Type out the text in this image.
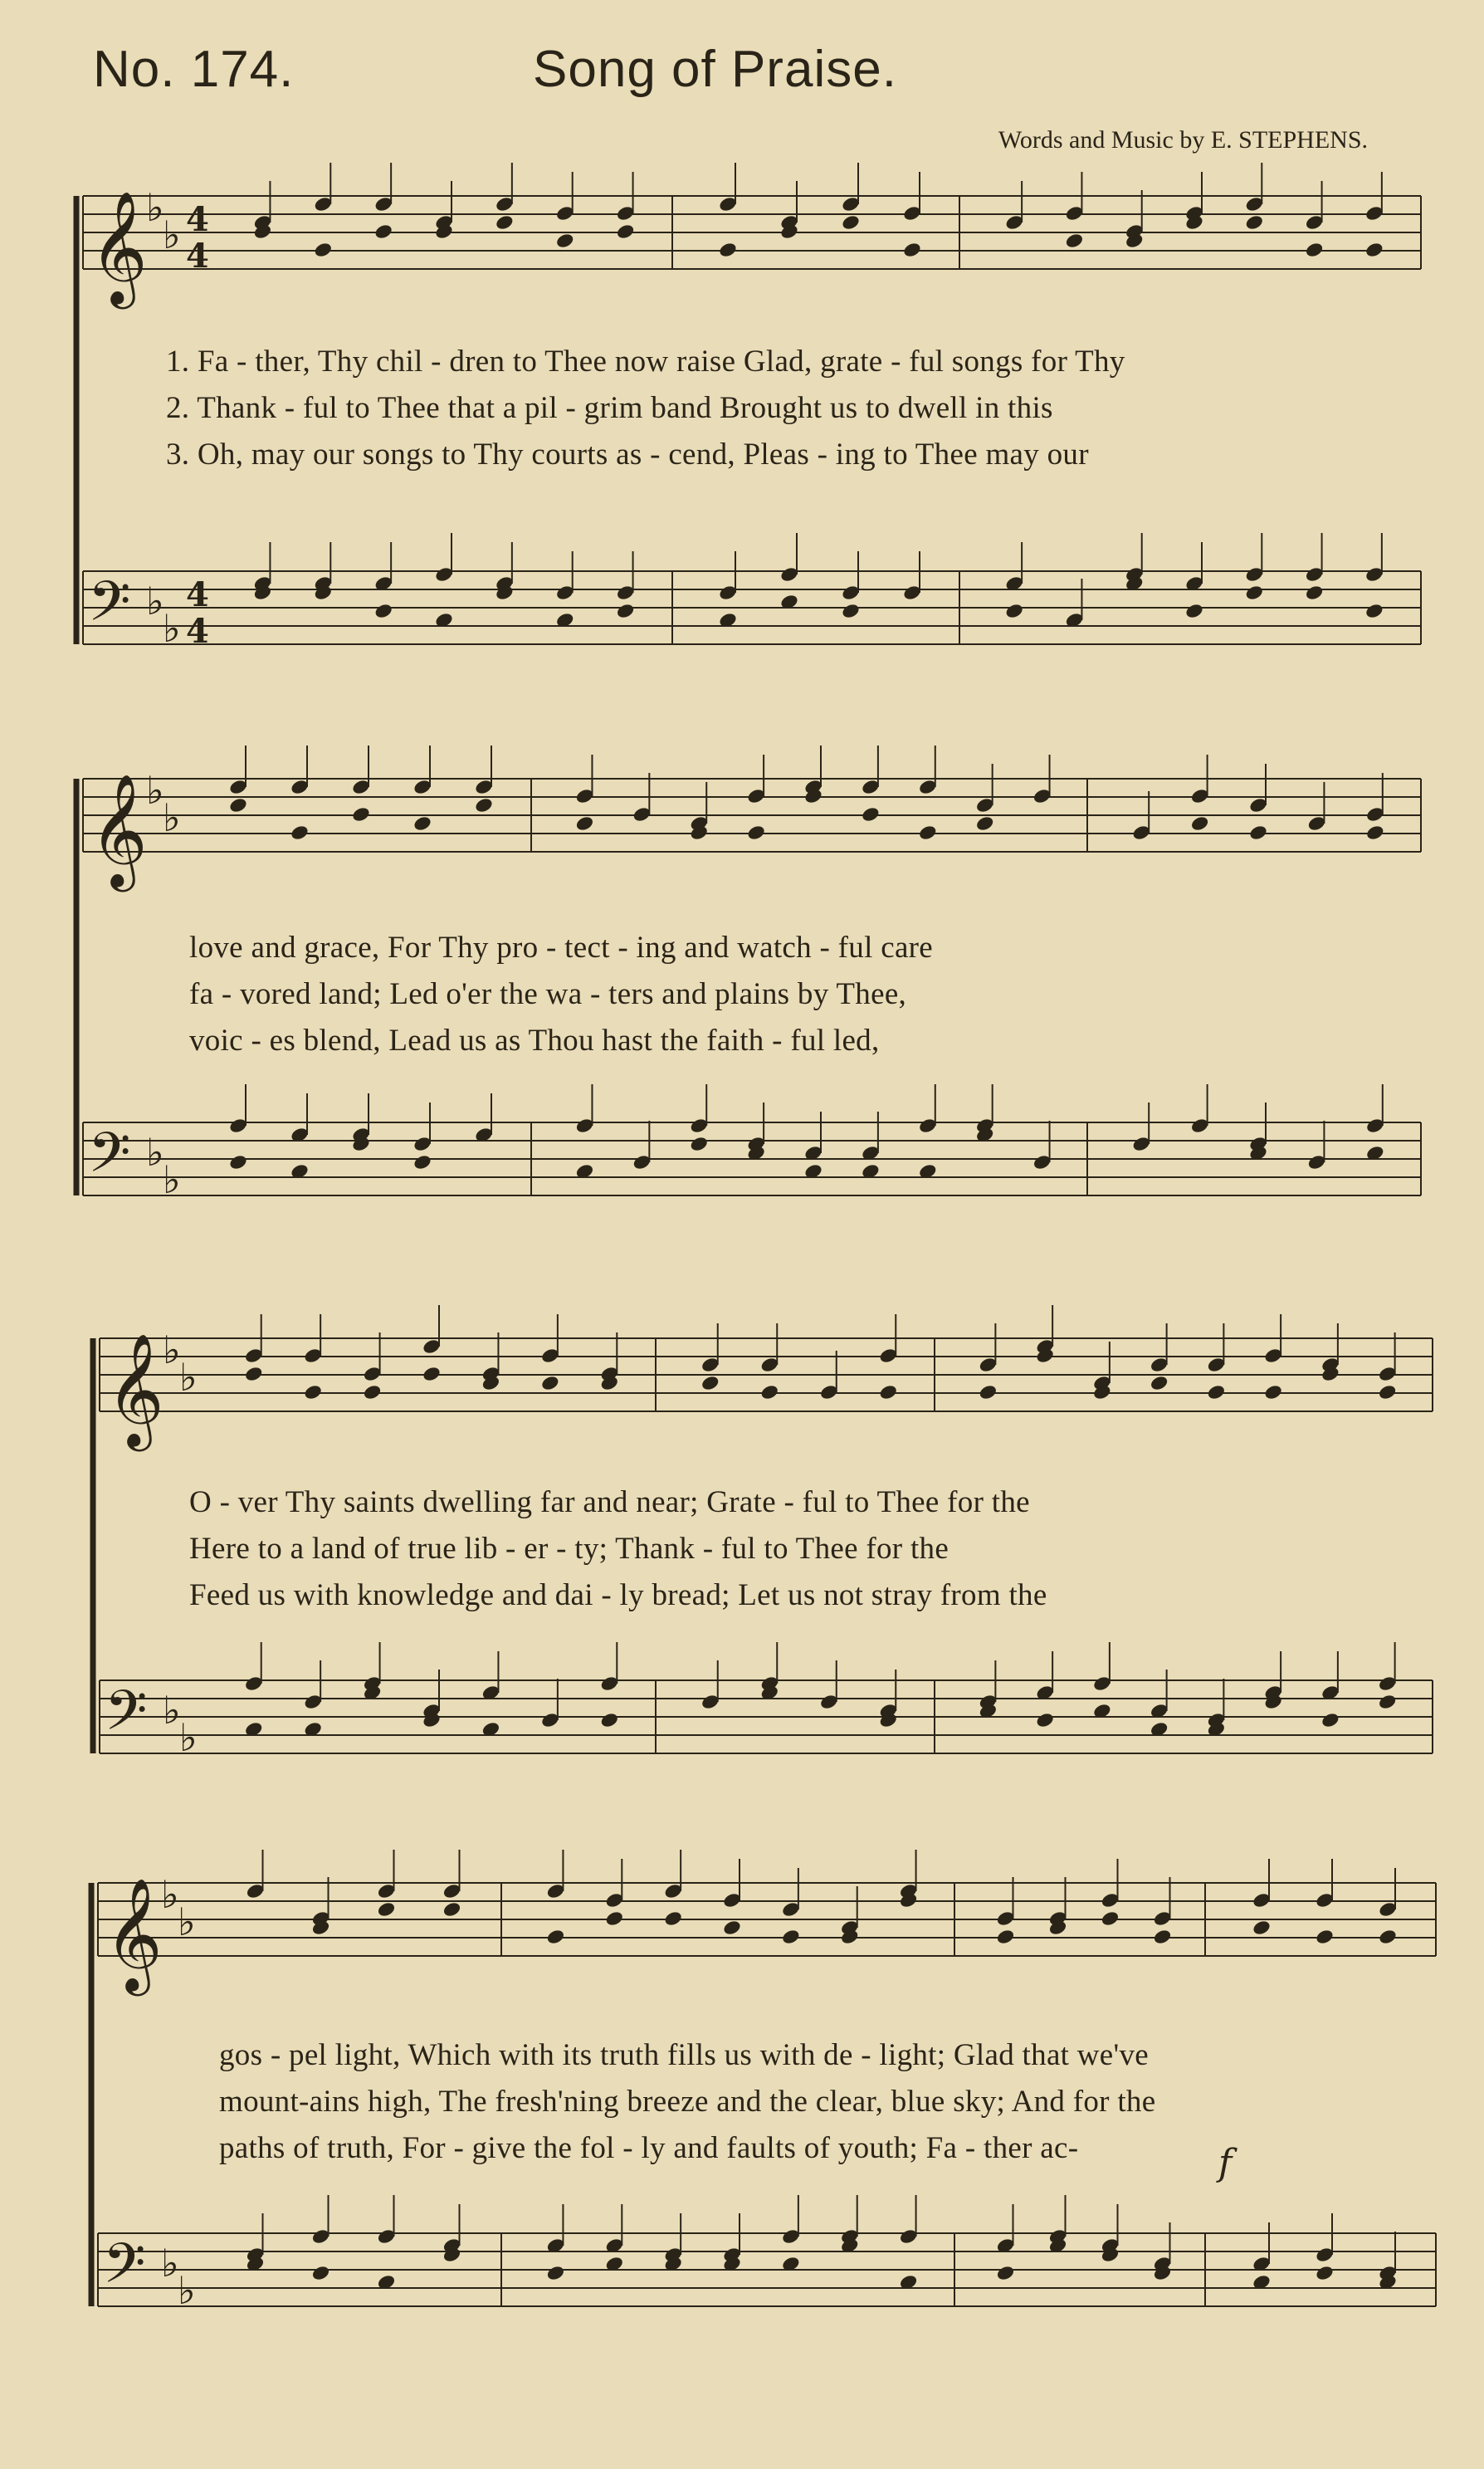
No. 174.	Song of Praise.
Words and Music by E. STEPHENS.
𝄞
𝄢
♭
♭
♭
♭
4
4
4
4
1. Fa - ther, Thy chil - dren to Thee now raise Glad, grate - ful songs for Thy
2. Thank - ful to Thee that a pil - grim band Brought us to dwell in this
3. Oh, may our songs to Thy courts as - cend, Pleas - ing to Thee may our
𝄞
𝄢
♭
♭
♭
♭
love and grace, For Thy pro - tect - ing and watch - ful care
fa - vored land; Led o'er the wa - ters and plains by Thee,
voic - es blend, Lead us as Thou hast the faith - ful led,
𝄞
𝄢
♭
♭
♭
♭
O - ver Thy saints dwelling far and near; Grate - ful to Thee for the
Here to a land of true lib - er - ty; Thank - ful to Thee for the
Feed us with knowledge and dai - ly bread; Let us not stray from the
𝄞
𝄢
♭
♭
♭
♭
f
gos - pel light, Which with its truth fills us with de - light; Glad that we've
mount-ains high, The fresh'ning breeze and the clear, blue sky; And for the
paths of truth, For - give the fol - ly and faults of youth; Fa - ther ac-
